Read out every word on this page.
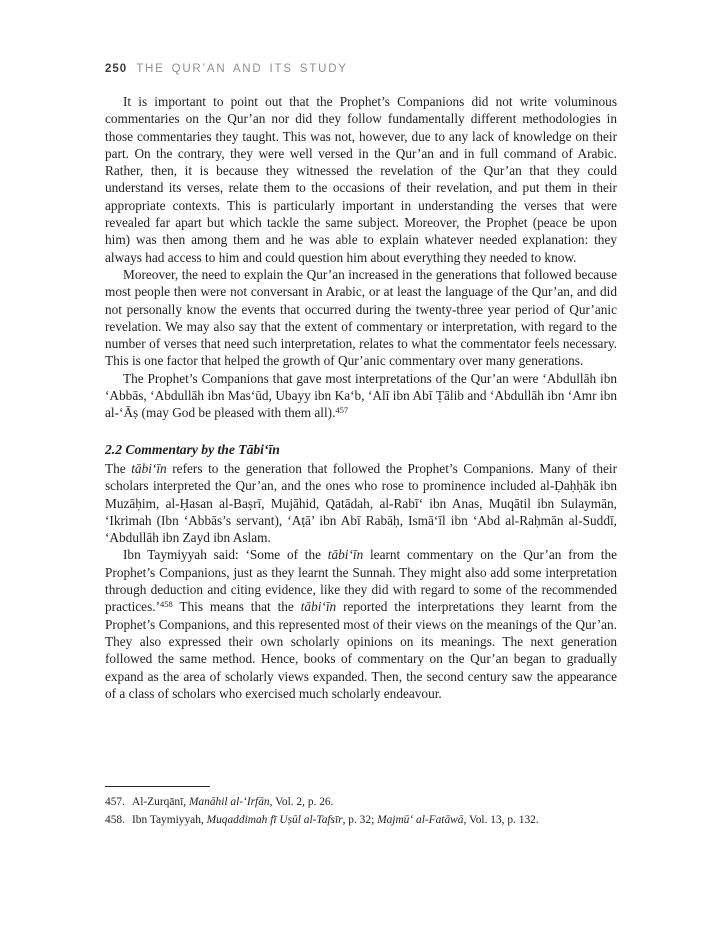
250 THE QUR’AN AND ITS STUDY

It is important to point out that the Prophet’s Companions did not write voluminous commentaries on the Qur’an nor did they follow fundamentally different methodologies in those commentaries they taught. This was not, however, due to any lack of knowledge on their part. On the contrary, they were well versed in the Qur’an and in full command of Arabic. Rather, then, it is because they witnessed the revelation of the Qur’an that they could understand its verses, relate them to the occasions of their revelation, and put them in their appropriate contexts. This is particularly important in understanding the verses that were revealed far apart but which tackle the same subject. Moreover, the Prophet (peace be upon him) was then among them and he was able to explain whatever needed explanation: they always had access to him and could question him about everything they needed to know.

Moreover, the need to explain the Qur’an increased in the generations that followed because most people then were not conversant in Arabic, or at least the language of the Qur’an, and did not personally know the events that occurred during the twenty-three year period of Qur’anic revelation. We may also say that the extent of commentary or interpretation, with regard to the number of verses that need such interpretation, relates to what the commentator feels necessary. This is one factor that helped the growth of Qur’anic commentary over many generations.

The Prophet’s Companions that gave most interpretations of the Qur’an were ‘Abdullāh ibn ‘Abbās, ‘Abdullāh ibn Mas‘ūd, Ubayy ibn Ka‘b, ‘Alī ibn Abī Ṭālib and ‘Abdullāh ibn ‘Amr ibn al-‘Āṣ (may God be pleased with them all).$^{457}$

2.2 Commentary by the Tābi‘īn

The tābi‘īn refers to the generation that followed the Prophet’s Companions. Many of their scholars interpreted the Qur’an, and the ones who rose to prominence included al-Ḍaḥḥāk ibn Muzāḥim, al-Ḥasan al-Baṣrī, Mujāhid, Qatādah, al-Rabī‘ ibn Anas, Muqātil ibn Sulaymān, ‘Ikrimah (Ibn ‘Abbās’s servant), ‘Aṭā’ ibn Abī Rabāḥ, Ismā‘īl ibn ‘Abd al-Raḥmān al-Suddī, ‘Abdullāh ibn Zayd ibn Aslam.

Ibn Taymiyyah said: ‘Some of the tābi‘īn learnt commentary on the Qur’an from the Prophet’s Companions, just as they learnt the Sunnah. They might also add some interpretation through deduction and citing evidence, like they did with regard to some of the recommended practices.’$^{458}$ This means that the tābi‘īn reported the interpretations they learnt from the Prophet’s Companions, and this represented most of their views on the meanings of the Qur’an. They also expressed their own scholarly opinions on its meanings. The next generation followed the same method. Hence, books of commentary on the Qur’an began to gradually expand as the area of scholarly views expanded. Then, the second century saw the appearance of a class of scholars who exercised much scholarly endeavour.

457. Al-Zurqānī, Manāhil al-‘Irfān, Vol. 2, p. 26.
458. Ibn Taymiyyah, Muqaddimah fī Uṣūl al-Tafsīr, p. 32; Majmū‘ al-Fatāwā, Vol. 13, p. 132.
